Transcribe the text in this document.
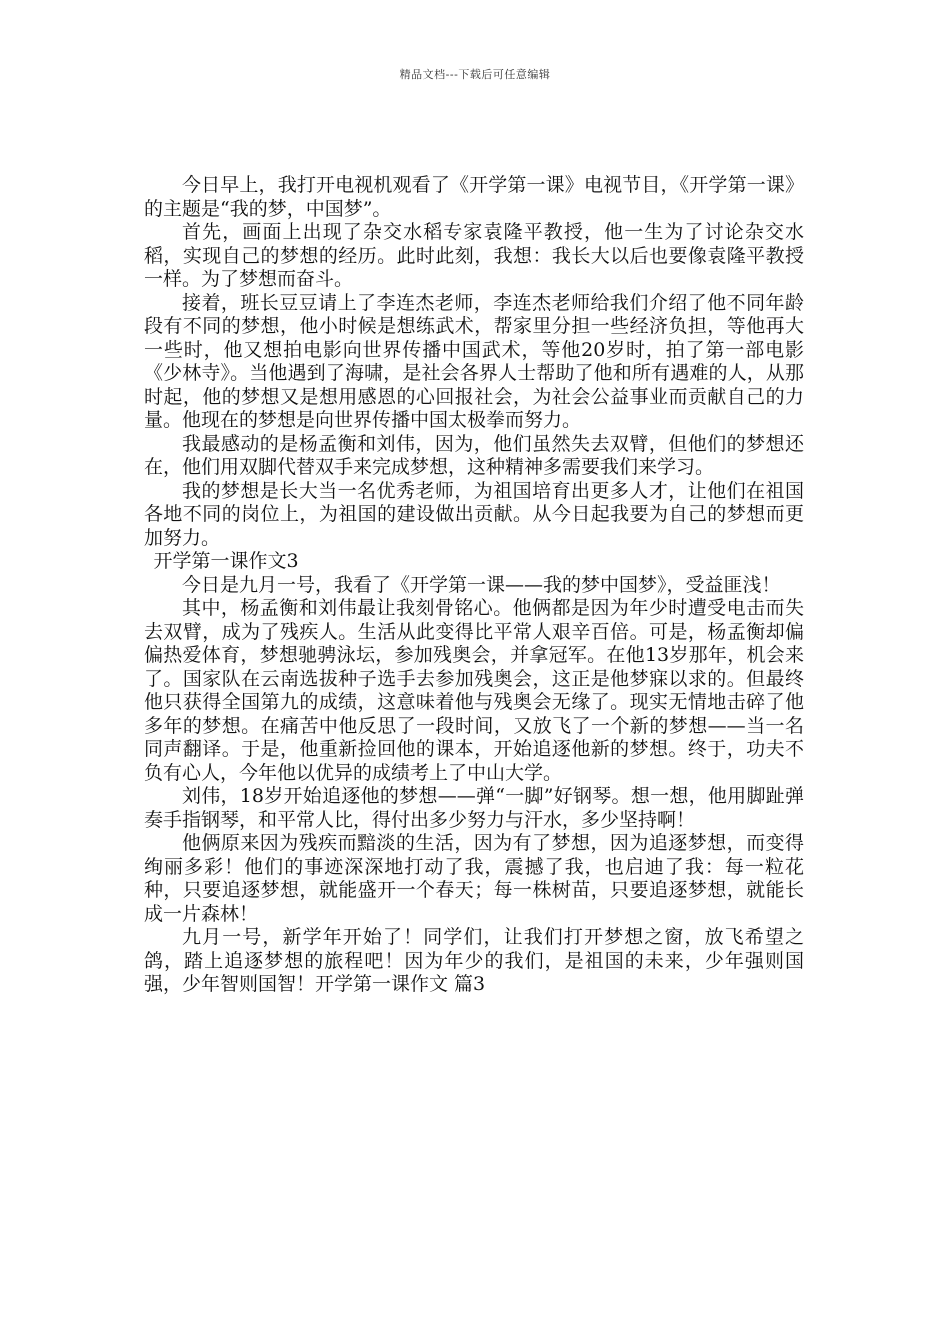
精品文档---下载后可任意编辑

今日早上，我打开电视机观看了《开学第一课》电视节目，《开学第一课》的主题是“我的梦，中国梦”。

首先，画面上出现了杂交水稻专家袁隆平教授，他一生为了讨论杂交水稻，实现自己的梦想的经历。此时此刻，我想：我长大以后也要像袁隆平教授一样。为了梦想而奋斗。

接着，班长豆豆请上了李连杰老师，李连杰老师给我们介绍了他不同年龄段有不同的梦想，他小时候是想练武术，帮家里分担一些经济负担，等他再大一些时，他又想拍电影向世界传播中国武术，等他20岁时，拍了第一部电影《少林寺》。当他遇到了海啸，是社会各界人士帮助了他和所有遇难的人，从那时起，他的梦想又是想用感恩的心回报社会，为社会公益事业而贡献自己的力量。他现在的梦想是向世界传播中国太极拳而努力。

我最感动的是杨孟衡和刘伟，因为，他们虽然失去双臂，但他们的梦想还在，他们用双脚代替双手来完成梦想，这种精神多需要我们来学习。

我的梦想是长大当一名优秀老师，为祖国培育出更多人才，让他们在祖国各地不同的岗位上，为祖国的建设做出贡献。从今日起我要为自己的梦想而更加努力。

开学第一课作文3

今日是九月一号，我看了《开学第一课——我的梦中国梦》，受益匪浅！

其中，杨孟衡和刘伟最让我刻骨铭心。他俩都是因为年少时遭受电击而失去双臂，成为了残疾人。生活从此变得比平常人艰辛百倍。可是，杨孟衡却偏偏热爱体育，梦想驰骋泳坛，参加残奥会，并拿冠军。在他13岁那年，机会来了。国家队在云南选拔种子选手去参加残奥会，这正是他梦寐以求的。但最终他只获得全国第九的成绩，这意味着他与残奥会无缘了。现实无情地击碎了他多年的梦想。在痛苦中他反思了一段时间，又放飞了一个新的梦想——当一名同声翻译。于是，他重新捡回他的课本，开始追逐他新的梦想。终于，功夫不负有心人，今年他以优异的成绩考上了中山大学。

刘伟，18岁开始追逐他的梦想——弹“一脚”好钢琴。想一想，他用脚趾弹奏手指钢琴，和平常人比，得付出多少努力与汗水，多少坚持啊！

他俩原来因为残疾而黯淡的生活，因为有了梦想，因为追逐梦想，而变得绚丽多彩！他们的事迹深深地打动了我，震撼了我，也启迪了我：每一粒花种，只要追逐梦想，就能盛开一个春天；每一株树苗，只要追逐梦想，就能长成一片森林！

九月一号，新学年开始了！同学们，让我们打开梦想之窗，放飞希望之鸽，踏上追逐梦想的旅程吧！因为年少的我们，是祖国的未来，少年强则国强，少年智则国智！开学第一课作文 篇3
